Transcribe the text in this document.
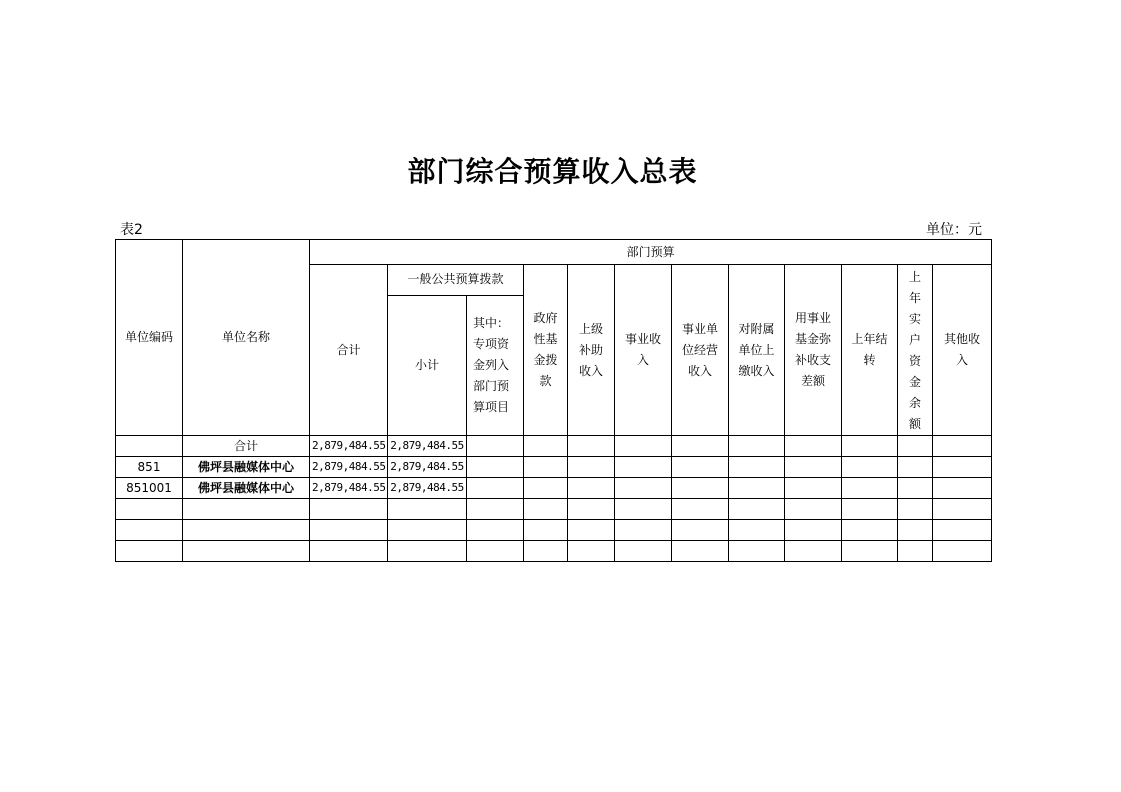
部门综合预算收入总表
表2	单位：元
单位编码	单位名称	部门预算											
		合计	一般公共预算拨款		政府性基金拨款	上级补助收入	事业收入	事业单位经营收入	对附属单位上缴收入	用事业基金弥补收支差额	上年结转	上年实户资金余额	其他收入
			小计	其中：专项资金列入部门预算项目									
	合计	2,879,484.55	2,879,484.55										
851	佛坪县融媒体中心	2,879,484.55	2,879,484.55										
851001	佛坪县融媒体中心	2,879,484.55	2,879,484.55										
